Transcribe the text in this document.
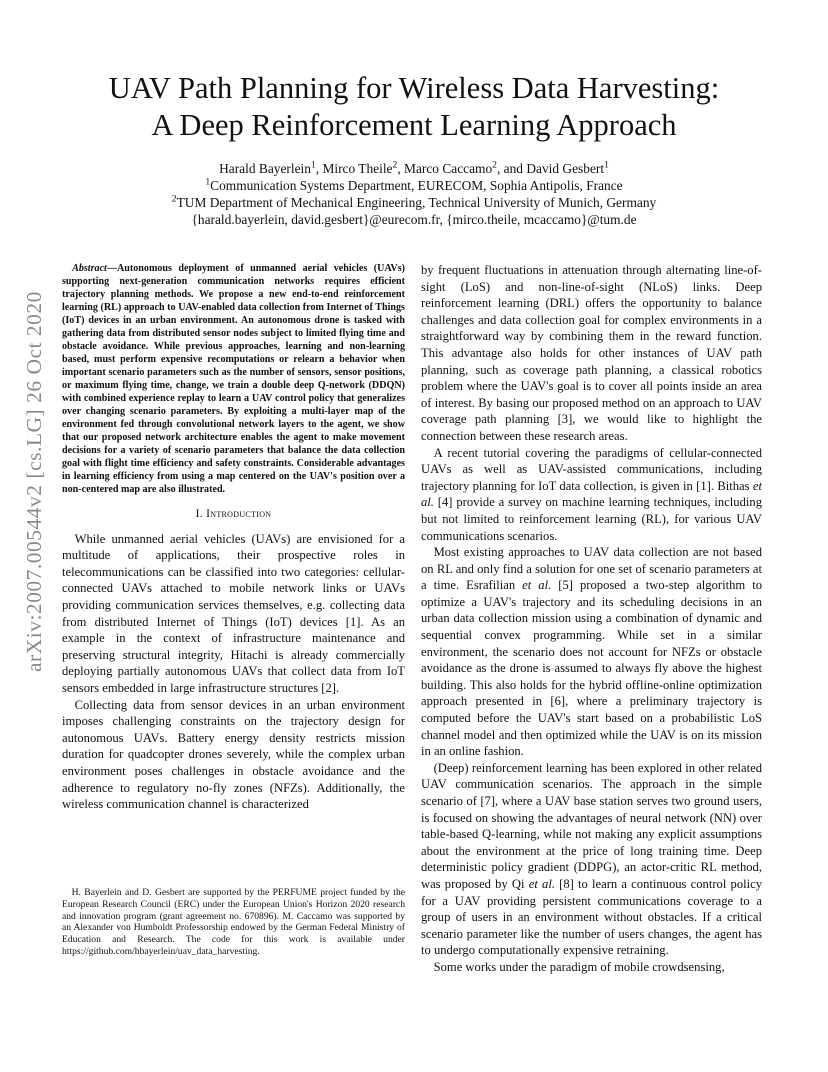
arXiv:2007.00544v2 [cs.LG] 26 Oct 2020
UAV Path Planning for Wireless Data Harvesting:
A Deep Reinforcement Learning Approach
Harald Bayerlein$^1$, Mirco Theile$^2$, Marco Caccamo$^2$, and David Gesbert$^1$
$^1$Communication Systems Department, EURECOM, Sophia Antipolis, France
$^2$TUM Department of Mechanical Engineering, Technical University of Munich, Germany
{harald.bayerlein, david.gesbert}@eurecom.fr, {mirco.theile, mcaccamo}@tum.de

Abstract—Autonomous deployment of unmanned aerial vehicles (UAVs) supporting next-generation communication networks requires efficient trajectory planning methods. We propose a new end-to-end reinforcement learning (RL) approach to UAV-enabled data collection from Internet of Things (IoT) devices in an urban environment. An autonomous drone is tasked with gathering data from distributed sensor nodes subject to limited flying time and obstacle avoidance. While previous approaches, learning and non-learning based, must perform expensive recomputations or relearn a behavior when important scenario parameters such as the number of sensors, sensor positions, or maximum flying time, change, we train a double deep Q-network (DDQN) with combined experience replay to learn a UAV control policy that generalizes over changing scenario parameters. By exploiting a multi-layer map of the environment fed through convolutional network layers to the agent, we show that our proposed network architecture enables the agent to make movement decisions for a variety of scenario parameters that balance the data collection goal with flight time efficiency and safety constraints. Considerable advantages in learning efficiency from using a map centered on the UAV's position over a non-centered map are also illustrated.

I. Introduction

While unmanned aerial vehicles (UAVs) are envisioned for a multitude of applications, their prospective roles in telecommunications can be classified into two categories: cellular-connected UAVs attached to mobile network links or UAVs providing communication services themselves, e.g. collecting data from distributed Internet of Things (IoT) devices [1]. As an example in the context of infrastructure maintenance and preserving structural integrity, Hitachi is already commercially deploying partially autonomous UAVs that collect data from IoT sensors embedded in large infrastructure structures [2].

Collecting data from sensor devices in an urban environment imposes challenging constraints on the trajectory design for autonomous UAVs. Battery energy density restricts mission duration for quadcopter drones severely, while the complex urban environment poses challenges in obstacle avoidance and the adherence to regulatory no-fly zones (NFZs). Additionally, the wireless communication channel is characterized

H. Bayerlein and D. Gesbert are supported by the PERFUME project funded by the European Research Council (ERC) under the European Union's Horizon 2020 research and innovation program (grant agreement no. 670896). M. Caccamo was supported by an Alexander von Humboldt Professorship endowed by the German Federal Ministry of Education and Research. The code for this work is available under https://github.com/hbayerlein/uav_data_harvesting.

by frequent fluctuations in attenuation through alternating line-of-sight (LoS) and non-line-of-sight (NLoS) links. Deep reinforcement learning (DRL) offers the opportunity to balance challenges and data collection goal for complex environments in a straightforward way by combining them in the reward function. This advantage also holds for other instances of UAV path planning, such as coverage path planning, a classical robotics problem where the UAV's goal is to cover all points inside an area of interest. By basing our proposed method on an approach to UAV coverage path planning [3], we would like to highlight the connection between these research areas.

A recent tutorial covering the paradigms of cellular-connected UAVs as well as UAV-assisted communications, including trajectory planning for IoT data collection, is given in [1]. Bithas et al. [4] provide a survey on machine learning techniques, including but not limited to reinforcement learning (RL), for various UAV communications scenarios.

Most existing approaches to UAV data collection are not based on RL and only find a solution for one set of scenario parameters at a time. Esrafilian et al. [5] proposed a two-step algorithm to optimize a UAV's trajectory and its scheduling decisions in an urban data collection mission using a combination of dynamic and sequential convex programming. While set in a similar environment, the scenario does not account for NFZs or obstacle avoidance as the drone is assumed to always fly above the highest building. This also holds for the hybrid offline-online optimization approach presented in [6], where a preliminary trajectory is computed before the UAV's start based on a probabilistic LoS channel model and then optimized while the UAV is on its mission in an online fashion.

(Deep) reinforcement learning has been explored in other related UAV communication scenarios. The approach in the simple scenario of [7], where a UAV base station serves two ground users, is focused on showing the advantages of neural network (NN) over table-based Q-learning, while not making any explicit assumptions about the environment at the price of long training time. Deep deterministic policy gradient (DDPG), an actor-critic RL method, was proposed by Qi et al. [8] to learn a continuous control policy for a UAV providing persistent communications coverage to a group of users in an environment without obstacles. If a critical scenario parameter like the number of users changes, the agent has to undergo computationally expensive retraining.

Some works under the paradigm of mobile crowdsensing,
